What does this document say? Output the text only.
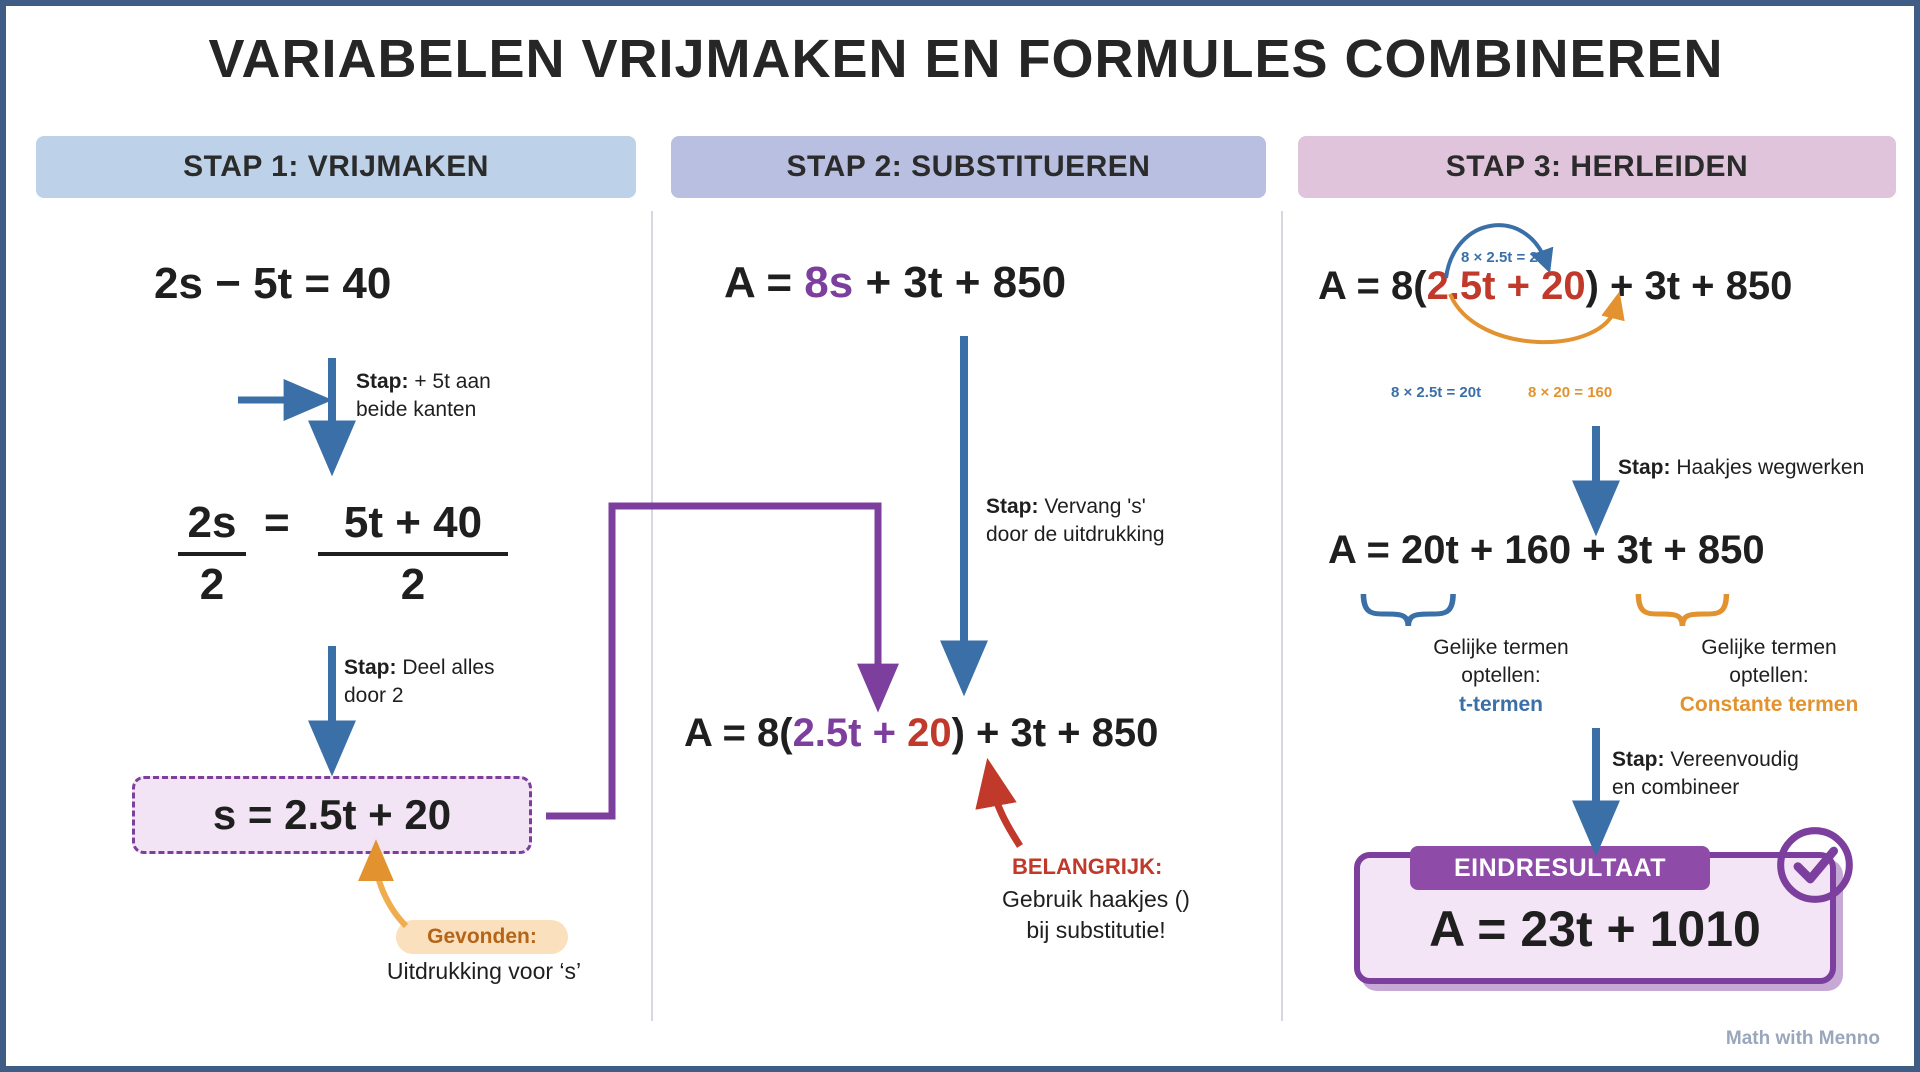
VARIABELEN VRIJMAKEN EN FORMULES COMBINEREN
STAP 1: VRIJMAKEN	STAP 2: SUBSTITUEREN	STAP 3: HERLEIDEN
2s − 5t = 40
Stap: + 5t aan
beide kanten
2s
2
=	5t + 40
2
Stap: Deel alles
door 2
s = 2.5t + 20
Gevonden:
Uitdrukking voor ‘s’
A = 8s + 3t + 850
Stap: Vervang 's'
door de uitdrukking
A = 8(2.5t + 20) + 3t + 850
BELANGRIJK:
Gebruik haakjes ()
bij substitutie!
A = 8(2.5t + 20) + 3t + 850
8 × 2.5t = 20t
8 × 2.5t = 20t	8 × 20 = 160
Stap: Haakjes wegwerken
A = 20t + 160 + 3t + 850
Gelijke termen
optellen:
t-termen
Gelijke termen
optellen:
Constante termen
Stap: Vereenvoudig
en combineer
EINDRESULTAAT
A = 23t + 1010
Math with Menno
